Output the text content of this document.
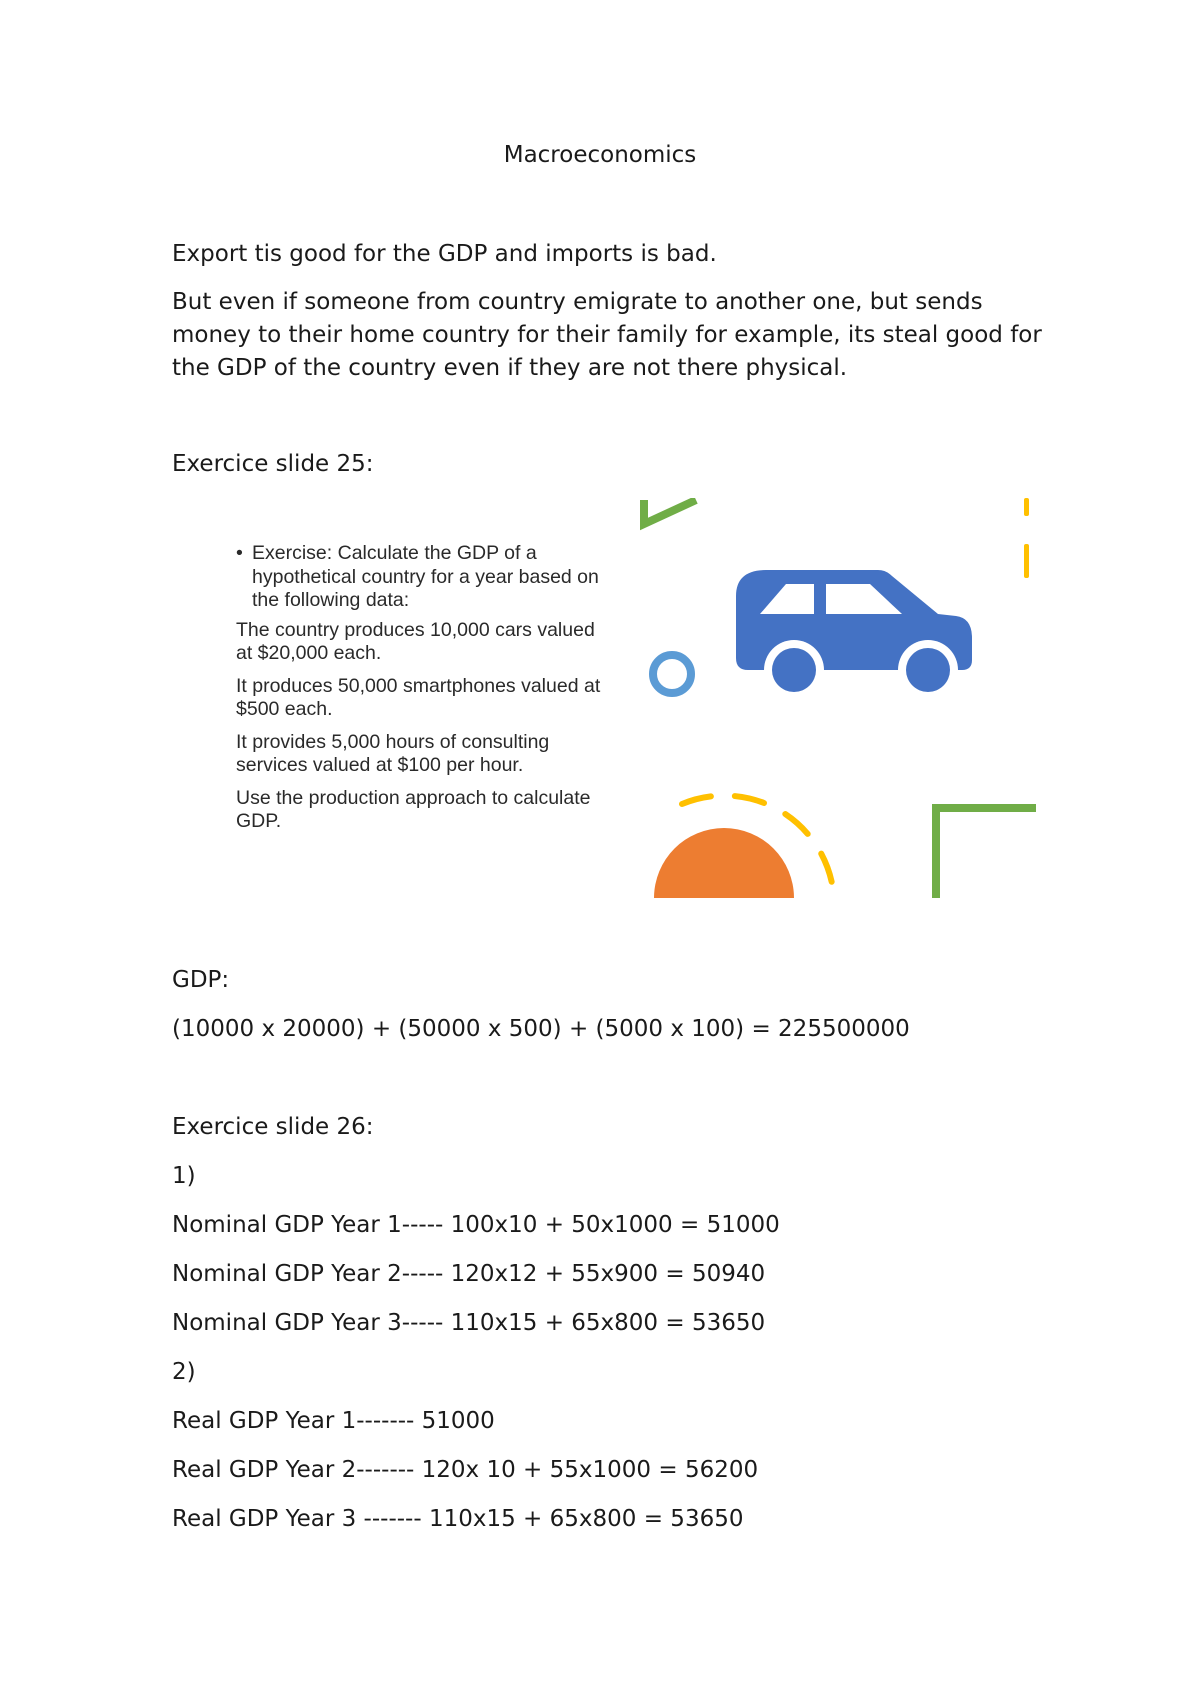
Macroeconomics
Export tis good for the GDP and imports is bad.
But even if someone from country emigrate to another one, but sends money to their home country for their family for example, its steal good for the GDP of the country even if they are not there physical.
Exercice slide 25:
• Exercise: Calculate the GDP of a hypothetical country for a year based on the following data:

The country produces 10,000 cars valued at $20,000 each.

It produces 50,000 smartphones valued at $500 each.

It provides 5,000 hours of consulting services valued at $100 per hour.

Use the production approach to calculate GDP.

GDP:
(10000 x 20000) + (50000 x 500) + (5000 x 100) = 225500000
Exercice slide 26:
1)
Nominal GDP Year 1----- 100x10 + 50x1000 = 51000
Nominal GDP Year 2----- 120x12 + 55x900 = 50940
Nominal GDP Year 3----- 110x15 + 65x800 = 53650
2)
Real GDP Year 1------- 51000
Real GDP Year 2------- 120x 10 + 55x1000 = 56200
Real GDP Year 3 ------- 110x15 + 65x800 = 53650
